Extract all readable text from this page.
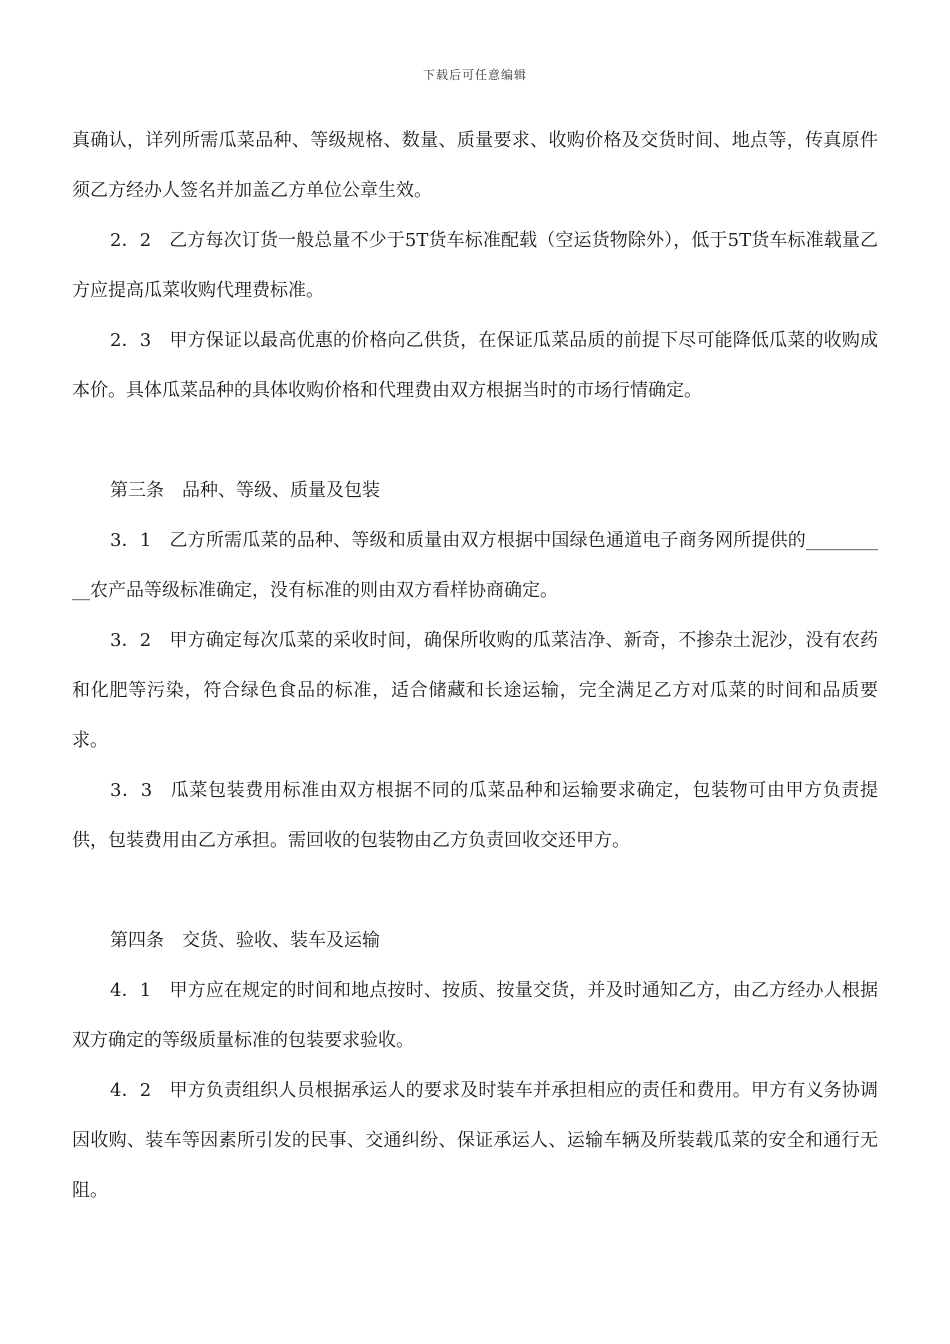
下载后可任意编辑

真确认，详列所需瓜菜品种、等级规格、数量、质量要求、收购价格及交货时间、地点等，传真原件须乙方经办人签名并加盖乙方单位公章生效。

2．2 乙方每次订货一般总量不少于5T货车标准配载（空运货物除外），低于5T货车标准载量乙方应提高瓜菜收购代理费标准。

2．3 甲方保证以最高优惠的价格向乙供货，在保证瓜菜品质的前提下尽可能降低瓜菜的收购成本价。具体瓜菜品种的具体收购价格和代理费由双方根据当时的市场行情确定。

第三条 品种、等级、质量及包装

3．1 乙方所需瓜菜的品种、等级和质量由双方根据中国绿色通道电子商务网所提供的__________农产品等级标准确定，没有标准的则由双方看样协商确定。

3．2 甲方确定每次瓜菜的采收时间，确保所收购的瓜菜洁净、新奇，不掺杂土泥沙，没有农药和化肥等污染，符合绿色食品的标准，适合储藏和长途运输，完全满足乙方对瓜菜的时间和品质要求。

3．3 瓜菜包装费用标准由双方根据不同的瓜菜品种和运输要求确定，包装物可由甲方负责提供，包装费用由乙方承担。需回收的包装物由乙方负责回收交还甲方。

第四条 交货、验收、装车及运输

4．1 甲方应在规定的时间和地点按时、按质、按量交货，并及时通知乙方，由乙方经办人根据双方确定的等级质量标准的包装要求验收。

4．2 甲方负责组织人员根据承运人的要求及时装车并承担相应的责任和费用。甲方有义务协调因收购、装车等因素所引发的民事、交通纠纷、保证承运人、运输车辆及所装载瓜菜的安全和通行无阻。
